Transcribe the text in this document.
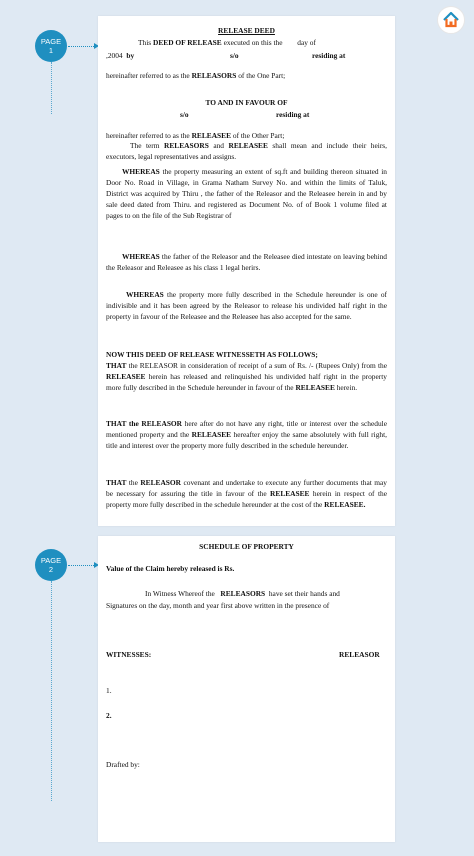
PAGE
1
PAGE
2
RELEASE DEED
This DEED OF RELEASE executed on this the day of
,2004 by	s/o	residing at
hereinafter referred to as the RELEASORS of the One Part;
TO AND IN FAVOUR OF
s/o	residing at
hereinafter referred to as the RELEASEE of the Other Part;
The term RELEASORS and RELEASEE shall mean and include their heirs, executors, legal representatives and assigns.
WHEREAS the property measuring an extent of sq.ft and building thereon situated in Door No. Road in Village, in Grama Natham Survey No. and within the limits of Taluk, District was acquired by Thiru , the father of the Releasor and the Releasee herein in and by sale deed dated from Thiru. and registered as Document No. of of Book 1 volume filed at pages to on the file of the Sub Registrar of
WHEREAS the father of the Releasor and the Releasee died intestate on leaving behind the Releasor and Releasee as his class 1 legal herirs.
WHEREAS the property more fully described in the Schedule hereunder is one of indivisible and it has been agreed by the Releasor to release his undivided half right in the property in favour of the Releasee and the Releasee has also accepted for the same.
NOW THIS DEED OF RELEASE WITNESSETH AS FOLLOWS;
THAT the RELEASOR in consideration of receipt of a sum of Rs. /- (Rupees Only) from the RELEASEE herein has released and relinquished his undivided half right in the property more fully described in the Schedule hereunder in favour of the RELEASEE herein.
THAT the RELEASOR here after do not have any right, title or interest over the schedule mentioned property and the RELEASEE hereafter enjoy the same absolutely with full right, title and interest over the property more fully described in the schedule hereunder.
THAT the RELEASOR covenant and undertake to execute any further documents that may be necessary for assuring the title in favour of the RELEASEE herein in respect of the property more fully described in the schedule hereunder at the cost of the RELEASEE.
SCHEDULE OF PROPERTY
Value of the Claim hereby released is Rs.
In Witness Whereof the RELEASORS have set their hands and
Signatures on the day, month and year first above written in the presence of
WITNESSES:	RELEASOR
1.
2.
Drafted by:
